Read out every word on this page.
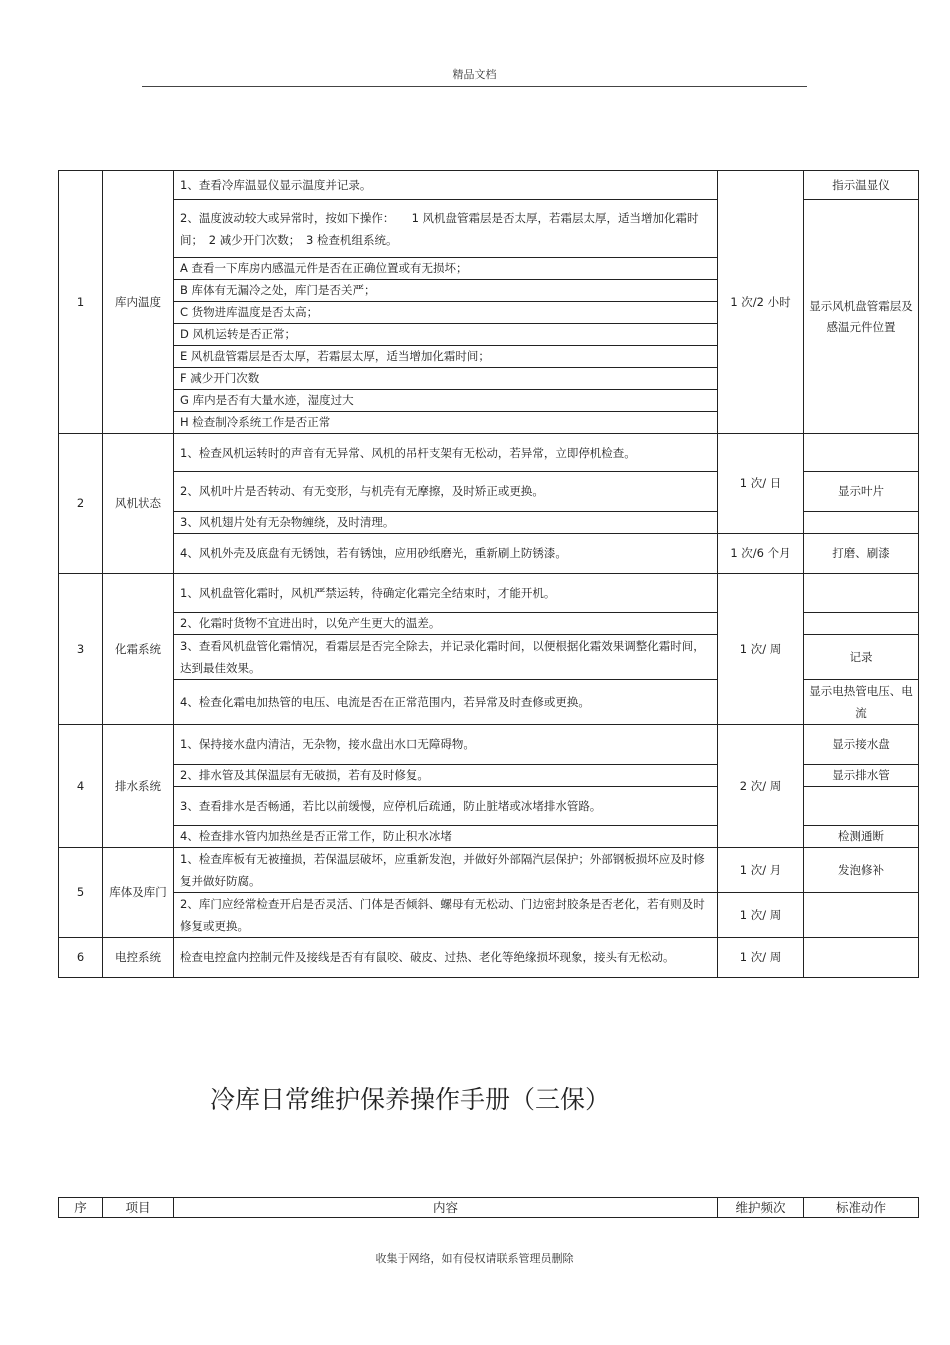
精品文档
1	库内温度	1、查看冷库温显仪显示温度并记录。	1 次/2 小时	指示温显仪
		2、温度波动较大或异常时，按如下操作：　　1 风机盘管霜层是否太厚，若霜层太厚，适当增加化霜时间；　2 减少开门次数；　3 检查机组系统。		显示风机盘管霜层及感温元件位置
		A 查看一下库房内感温元件是否在正确位置或有无损坏；		
		B 库体有无漏冷之处，库门是否关严；		
		C 货物进库温度是否太高；		
		D 风机运转是否正常；		
		E 风机盘管霜层是否太厚，若霜层太厚，适当增加化霜时间；		
		F 减少开门次数		
		G 库内是否有大量水迹，湿度过大		
		H 检查制冷系统工作是否正常		
2	风机状态	1、检查风机运转时的声音有无异常、风机的吊杆支架有无松动，若异常，立即停机检查。	1 次/ 日	
		2、风机叶片是否转动、有无变形，与机壳有无摩擦，及时矫正或更换。		显示叶片
		3、风机翅片处有无杂物缠绕，及时清理。		
		4、风机外壳及底盘有无锈蚀，若有锈蚀，应用砂纸磨光，重新刷上防锈漆。	1 次/6 个月	打磨、刷漆
3	化霜系统	1、风机盘管化霜时，风机严禁运转，待确定化霜完全结束时，才能开机。	1 次/ 周	
		2、化霜时货物不宜进出时，以免产生更大的温差。		
		3、查看风机盘管化霜情况，看霜层是否完全除去，并记录化霜时间，以便根据化霜效果调整化霜时间，达到最佳效果。		记录
		4、检查化霜电加热管的电压、电流是否在正常范围内，若异常及时查修或更换。		显示电热管电压、电流
4	排水系统	1、保持接水盘内清洁，无杂物，接水盘出水口无障碍物。	2 次/ 周	显示接水盘
		2、排水管及其保温层有无破损，若有及时修复。		显示排水管
		3、查看排水是否畅通，若比以前缓慢，应停机后疏通，防止脏堵或冰堵排水管路。		
		4、检查排水管内加热丝是否正常工作，防止积水冰堵		检测通断
5	库体及库门	1、检查库板有无被撞损，若保温层破坏，应重新发泡，并做好外部隔汽层保护；外部钢板损坏应及时修复并做好防腐。	1 次/ 月	发泡修补
		2、库门应经常检查开启是否灵活、门体是否倾斜、螺母有无松动、门边密封胶条是否老化，若有则及时修复或更换。	1 次/ 周	
6	电控系统	检查电控盒内控制元件及接线是否有有鼠咬、破皮、过热、老化等绝缘损坏现象，接头有无松动。	1 次/ 周	
冷库日常维护保养操作手册（三保）
序	项目	内容	维护频次	标准动作
收集于网络，如有侵权请联系管理员删除
